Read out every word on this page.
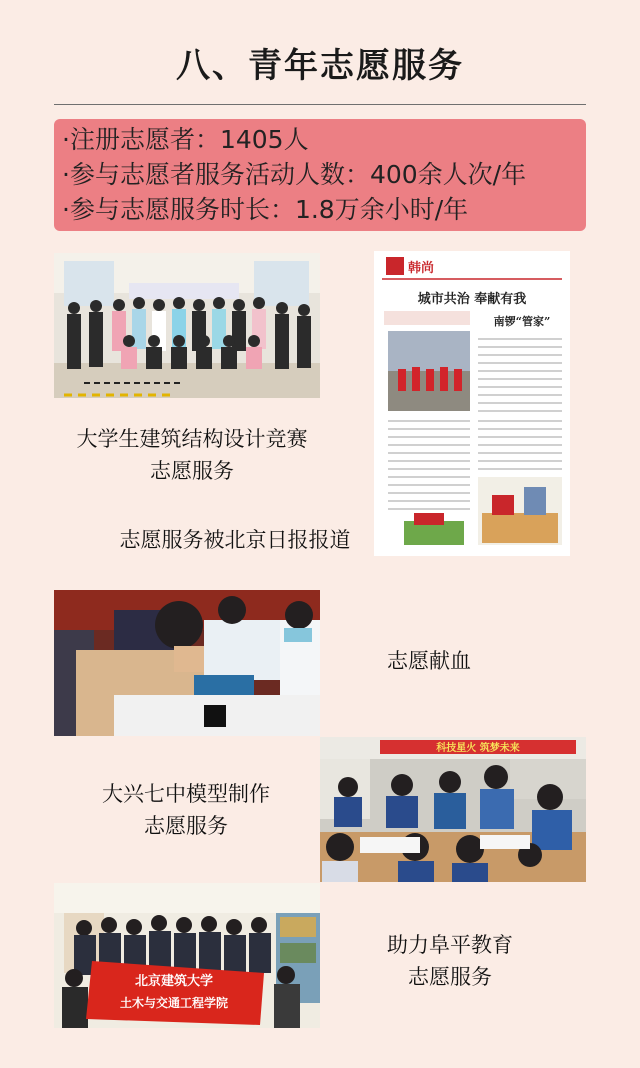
八、青年志愿服务
·注册志愿者：1405人
·参与志愿者服务活动人数：400余人次/年
·参与志愿服务时长：1.8万余小时/年
大学生建筑结构设计竞赛
志愿服务
韩尚
城市共治 奉献有我
南锣“管家”
志愿服务被北京日报报道
志愿献血
科技星火 筑梦未来
大兴七中模型制作
志愿服务
北京建筑大学
土木与交通工程学院
助力阜平教育
志愿服务
